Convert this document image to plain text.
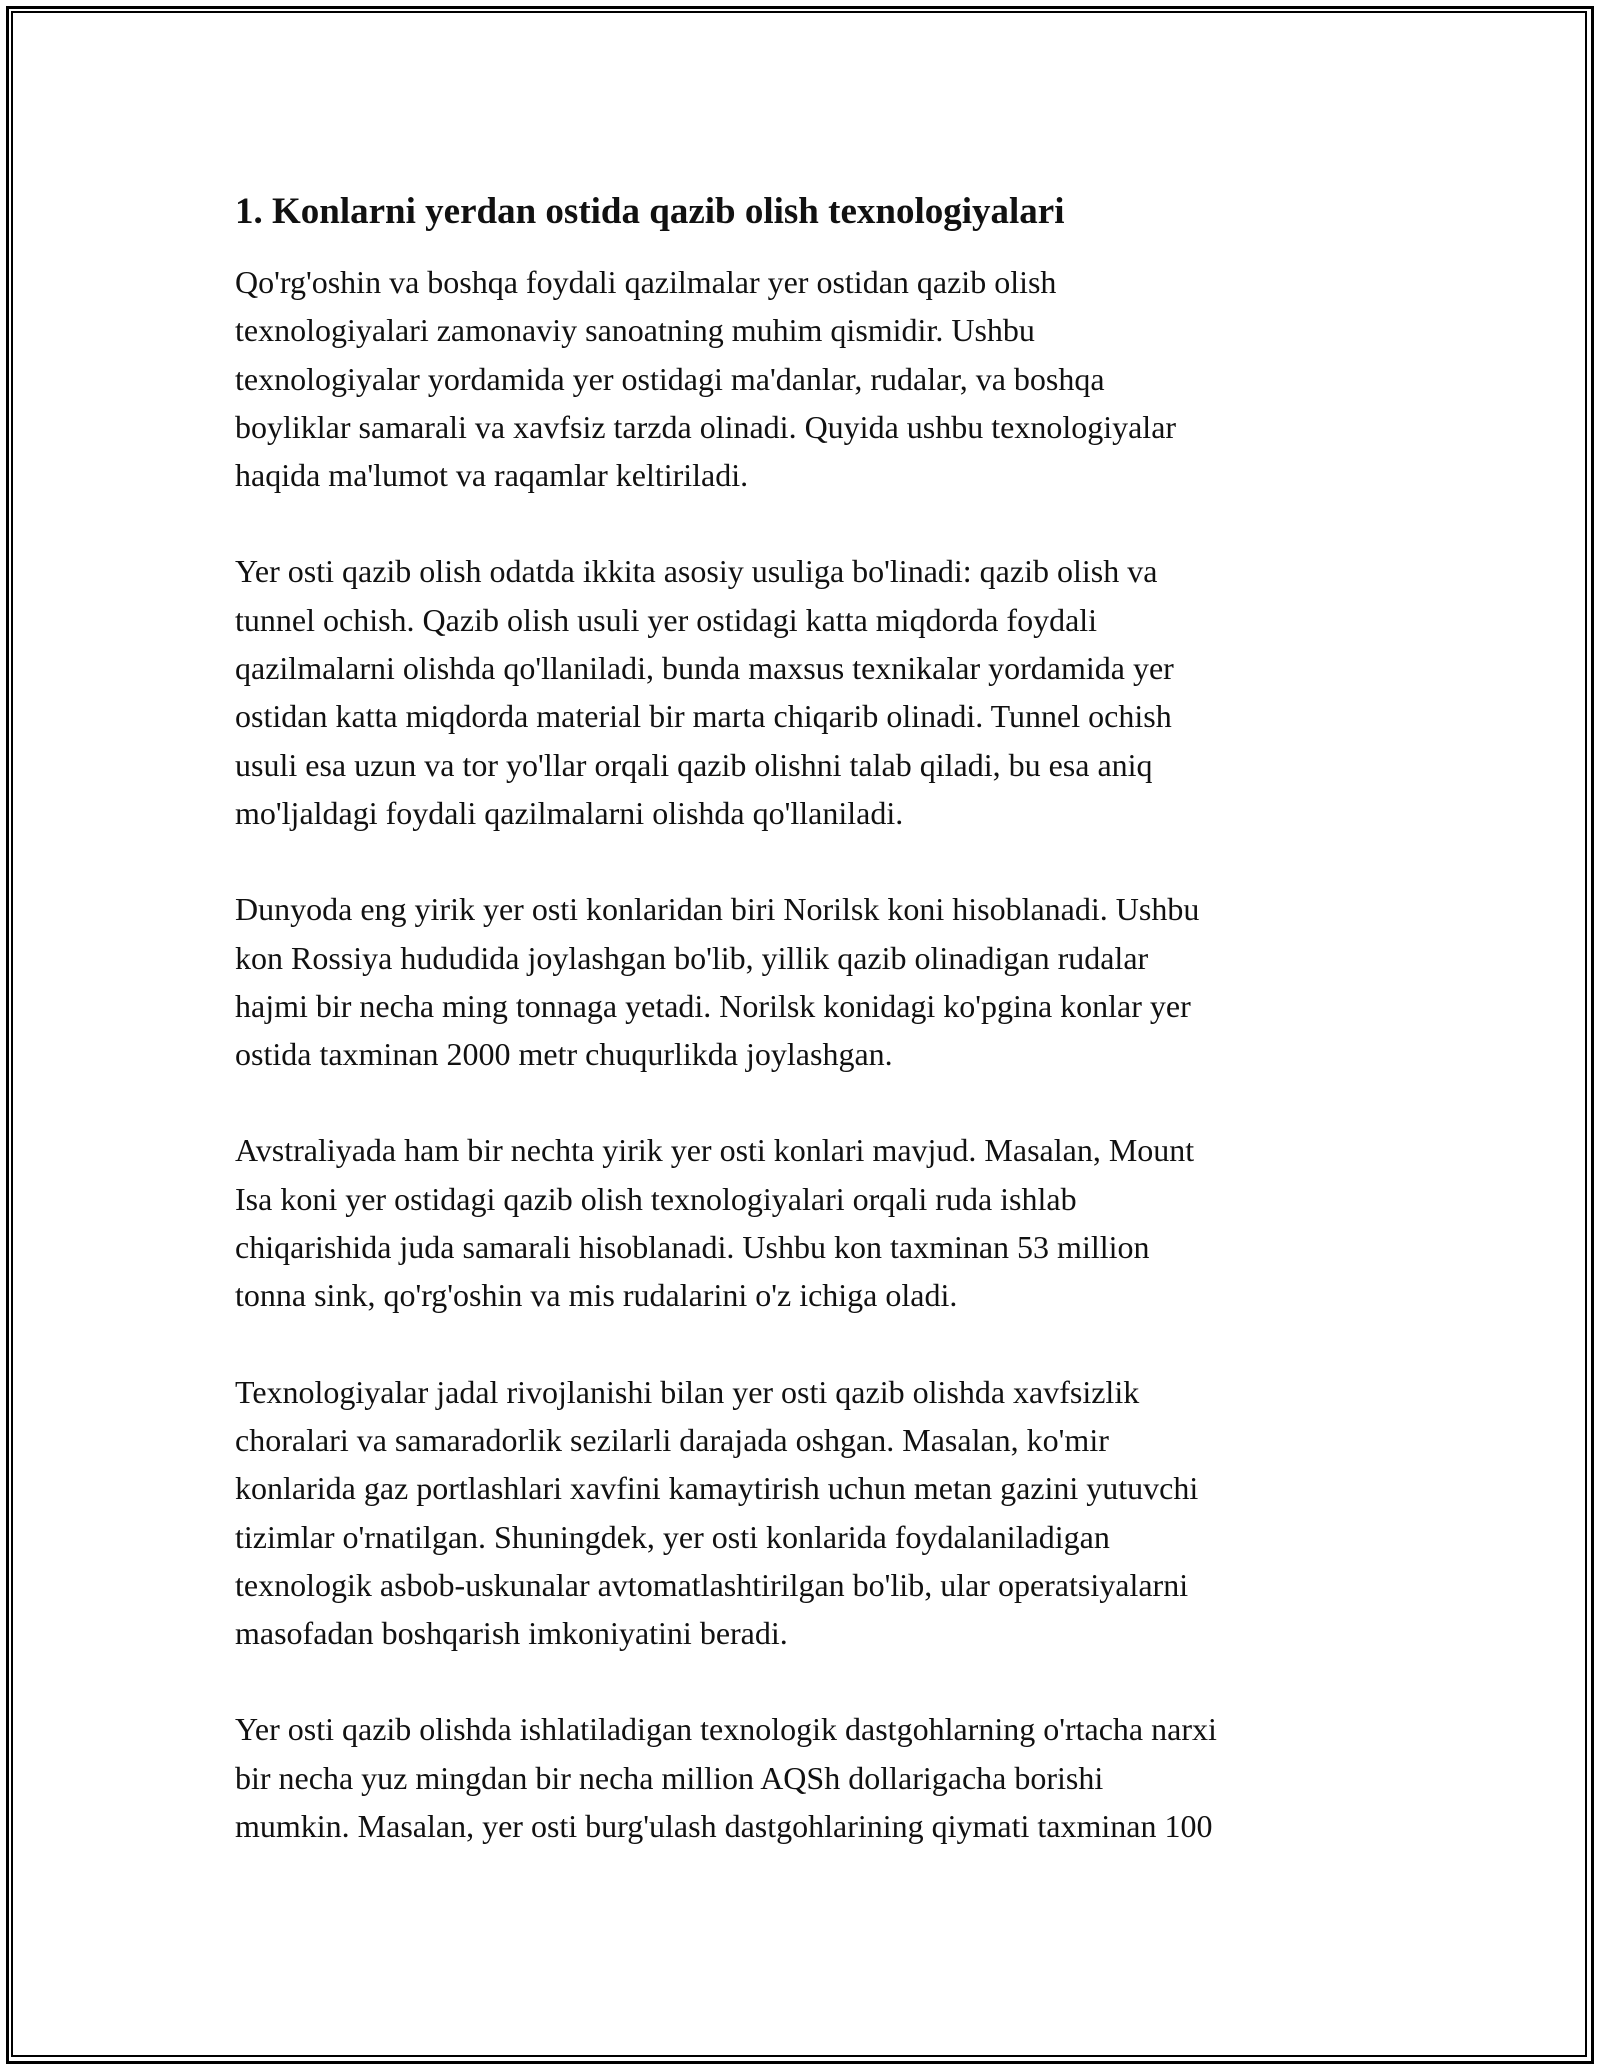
1. Konlarni yerdan ostida qazib olish texnologiyalari

Qo'rg'oshin va boshqa foydali qazilmalar yer ostidan qazib olish
texnologiyalari zamonaviy sanoatning muhim qismidir. Ushbu
texnologiyalar yordamida yer ostidagi ma'danlar, rudalar, va boshqa
boyliklar samarali va xavfsiz tarzda olinadi. Quyida ushbu texnologiyalar
haqida ma'lumot va raqamlar keltiriladi.

Yer osti qazib olish odatda ikkita asosiy usuliga bo'linadi: qazib olish va
tunnel ochish. Qazib olish usuli yer ostidagi katta miqdorda foydali
qazilmalarni olishda qo'llaniladi, bunda maxsus texnikalar yordamida yer
ostidan katta miqdorda material bir marta chiqarib olinadi. Tunnel ochish
usuli esa uzun va tor yo'llar orqali qazib olishni talab qiladi, bu esa aniq
mo'ljaldagi foydali qazilmalarni olishda qo'llaniladi.

Dunyoda eng yirik yer osti konlaridan biri Norilsk koni hisoblanadi. Ushbu
kon Rossiya hududida joylashgan bo'lib, yillik qazib olinadigan rudalar
hajmi bir necha ming tonnaga yetadi. Norilsk konidagi ko'pgina konlar yer
ostida taxminan 2000 metr chuqurlikda joylashgan.

Avstraliyada ham bir nechta yirik yer osti konlari mavjud. Masalan, Mount
Isa koni yer ostidagi qazib olish texnologiyalari orqali ruda ishlab
chiqarishida juda samarali hisoblanadi. Ushbu kon taxminan 53 million
tonna sink, qo'rg'oshin va mis rudalarini o'z ichiga oladi.

Texnologiyalar jadal rivojlanishi bilan yer osti qazib olishda xavfsizlik
choralari va samaradorlik sezilarli darajada oshgan. Masalan, ko'mir
konlarida gaz portlashlari xavfini kamaytirish uchun metan gazini yutuvchi
tizimlar o'rnatilgan. Shuningdek, yer osti konlarida foydalaniladigan
texnologik asbob-uskunalar avtomatlashtirilgan bo'lib, ular operatsiyalarni
masofadan boshqarish imkoniyatini beradi.

Yer osti qazib olishda ishlatiladigan texnologik dastgohlarning o'rtacha narxi
bir necha yuz mingdan bir necha million AQSh dollarigacha borishi
mumkin. Masalan, yer osti burg'ulash dastgohlarining qiymati taxminan 100
